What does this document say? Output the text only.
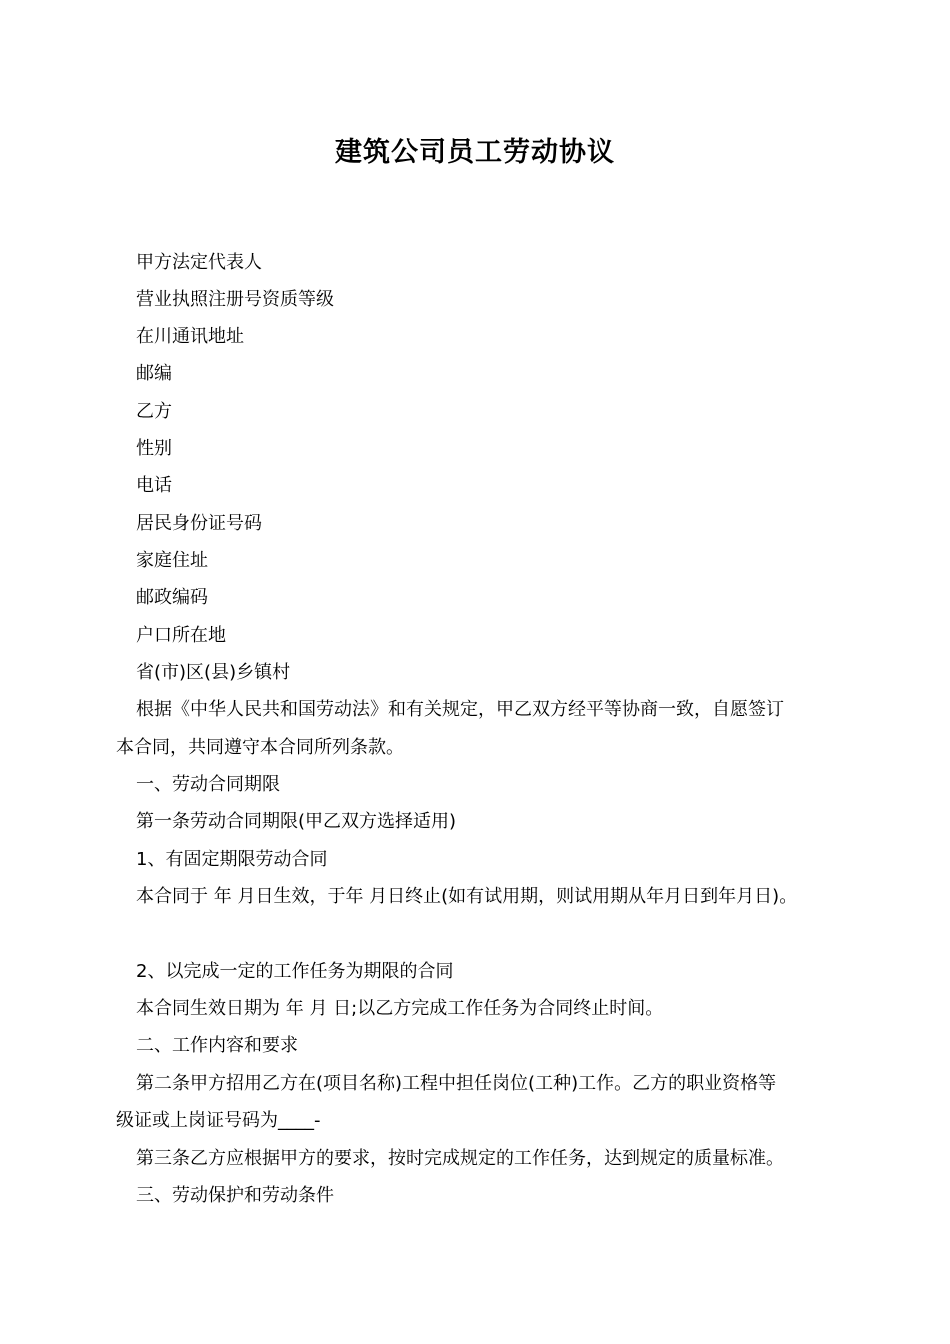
建筑公司员工劳动协议
甲方法定代表人
营业执照注册号资质等级
在川通讯地址
邮编
乙方
性别
电话
居民身份证号码
家庭住址
邮政编码
户口所在地
省(市)区(县)乡镇村
根据《中华人民共和国劳动法》和有关规定，甲乙双方经平等协商一致，自愿签订
本合同，共同遵守本合同所列条款。
一、劳动合同期限
第一条劳动合同期限(甲乙双方选择适用)
1、有固定期限劳动合同
本合同于 年 月日生效，于年 月日终止(如有试用期，则试用期从年月日到年月日)。
2、以完成一定的工作任务为期限的合同
本合同生效日期为 年 月 日;以乙方完成工作任务为合同终止时间。
二、工作内容和要求
第二条甲方招用乙方在(项目名称)工程中担任岗位(工种)工作。乙方的职业资格等
级证或上岗证号码为____-
第三条乙方应根据甲方的要求，按时完成规定的工作任务，达到规定的质量标准。
三、劳动保护和劳动条件
